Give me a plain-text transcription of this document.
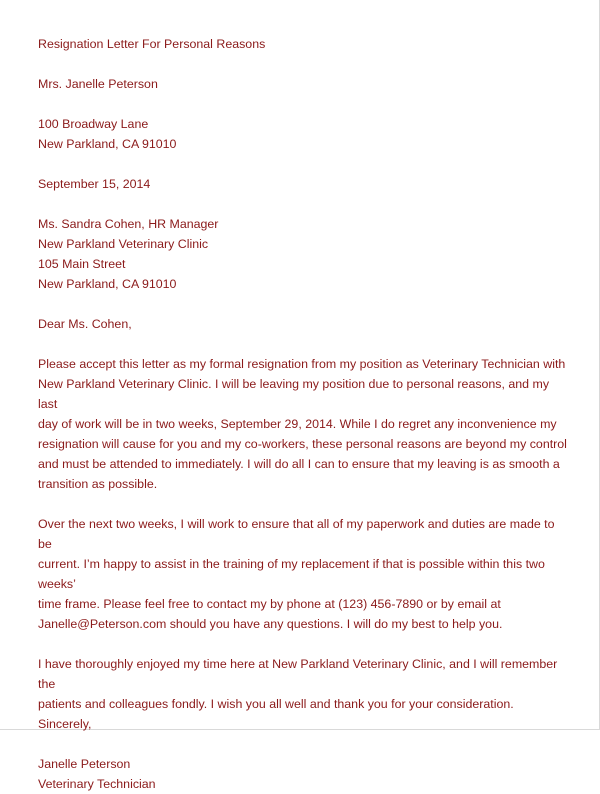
Resignation Letter For Personal Reasons

Mrs. Janelle Peterson

100 Broadway Lane

New Parkland, CA 91010

September 15, 2014

Ms. Sandra Cohen, HR Manager

New Parkland Veterinary Clinic

105 Main Street

New Parkland, CA 91010

Dear Ms. Cohen,

Please accept this letter as my formal resignation from my position as Veterinary Technician with

New Parkland Veterinary Clinic. I will be leaving my position due to personal reasons, and my last

day of work will be in two weeks, September 29, 2014. While I do regret any inconvenience my

resignation will cause for you and my co-workers, these personal reasons are beyond my control

and must be attended to immediately. I will do all I can to ensure that my leaving is as smooth a

transition as possible.

Over the next two weeks, I will work to ensure that all of my paperwork and duties are made to be

current. I’m happy to assist in the training of my replacement if that is possible within this two weeks’

time frame. Please feel free to contact my by phone at (123) 456-7890 or by email at

Janelle@Peterson.com should you have any questions. I will do my best to help you.

I have thoroughly enjoyed my time here at New Parkland Veterinary Clinic, and I will remember the

patients and colleagues fondly. I wish you all well and thank you for your consideration.

Sincerely,

Janelle Peterson

Veterinary Technician
